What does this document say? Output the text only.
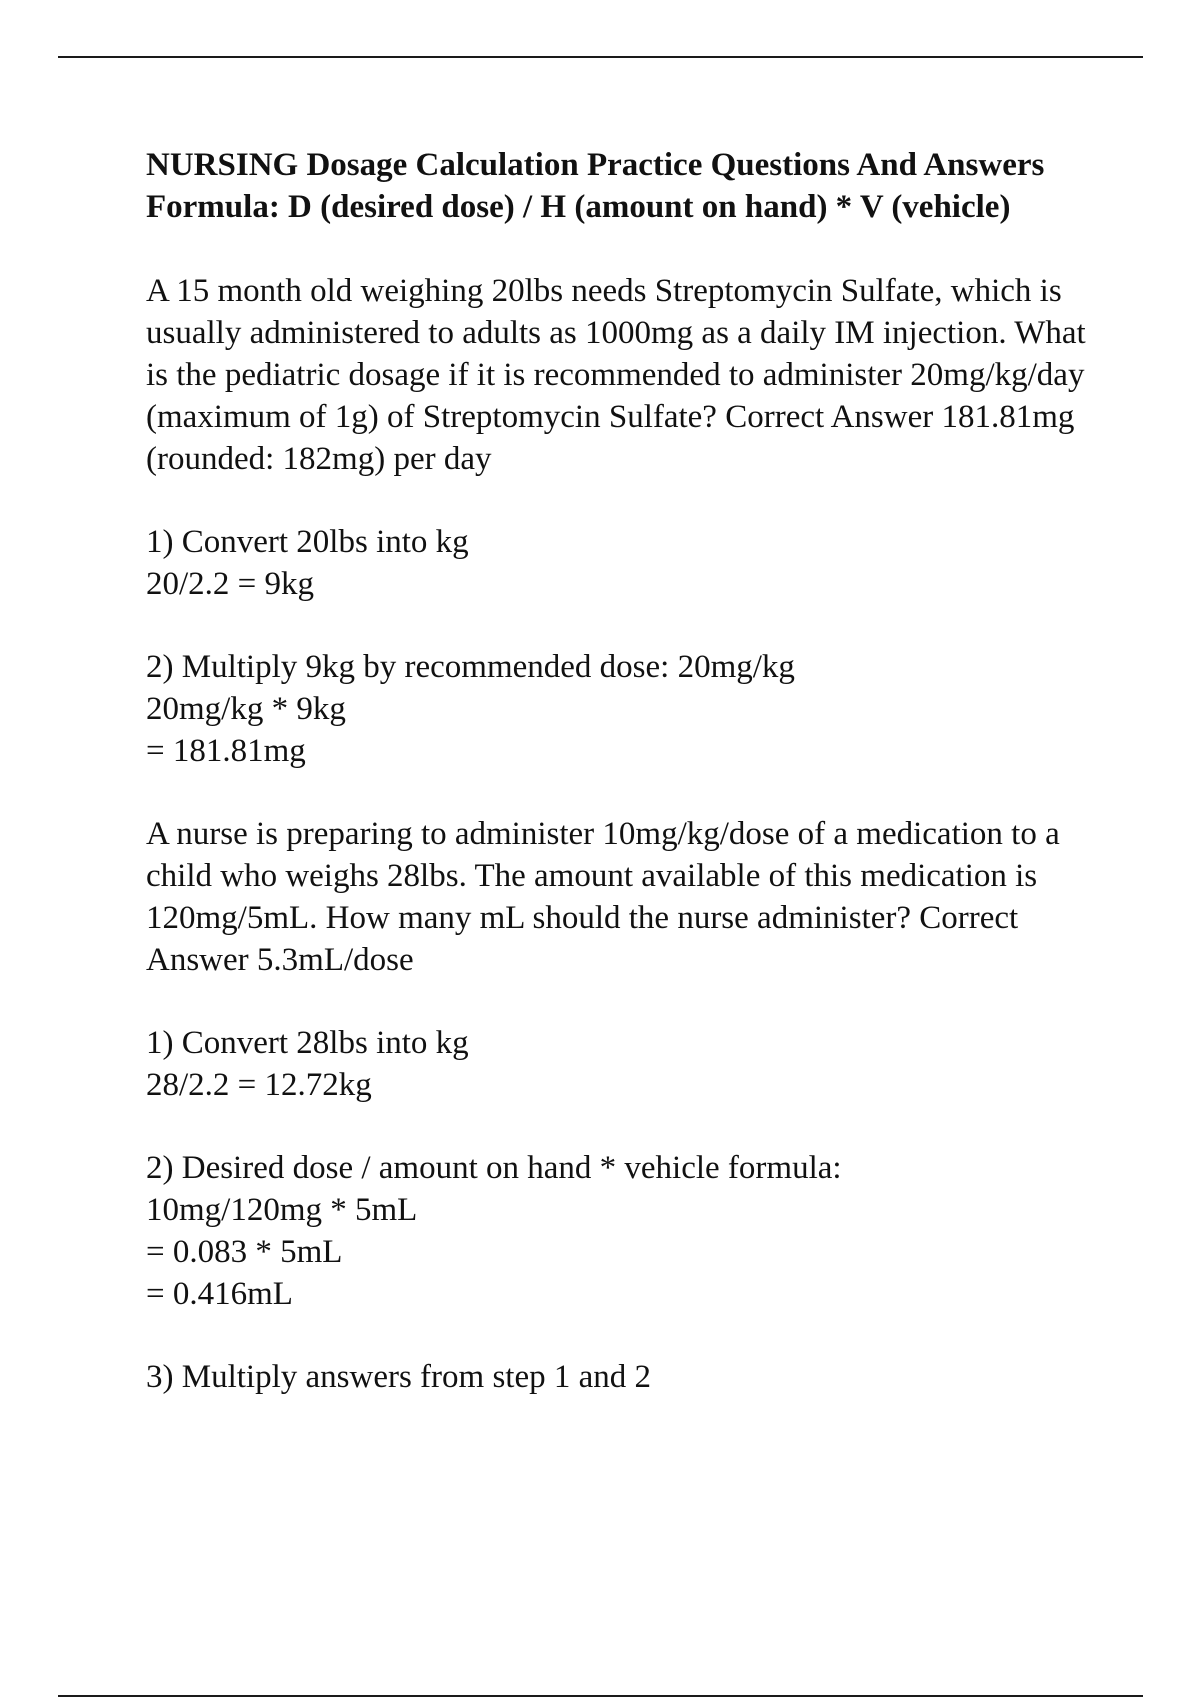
NURSING Dosage Calculation Practice Questions And Answers Formula: D (desired dose) / H (amount on hand) * V (vehicle)

A 15 month old weighing 20lbs needs Streptomycin Sulfate, which is usually administered to adults as 1000mg as a daily IM injection. What is the pediatric dosage if it is recommended to administer 20mg/kg/day (maximum of 1g) of Streptomycin Sulfate? Correct Answer 181.81mg (rounded: 182mg) per day

1) Convert 20lbs into kg
20/2.2 = 9kg

2) Multiply 9kg by recommended dose: 20mg/kg
20mg/kg * 9kg
= 181.81mg

A nurse is preparing to administer 10mg/kg/dose of a medication to a child who weighs 28lbs. The amount available of this medication is 120mg/5mL. How many mL should the nurse administer? Correct Answer 5.3mL/dose

1) Convert 28lbs into kg
28/2.2 = 12.72kg

2) Desired dose / amount on hand * vehicle formula:
10mg/120mg * 5mL
= 0.083 * 5mL
= 0.416mL

3) Multiply answers from step 1 and 2
